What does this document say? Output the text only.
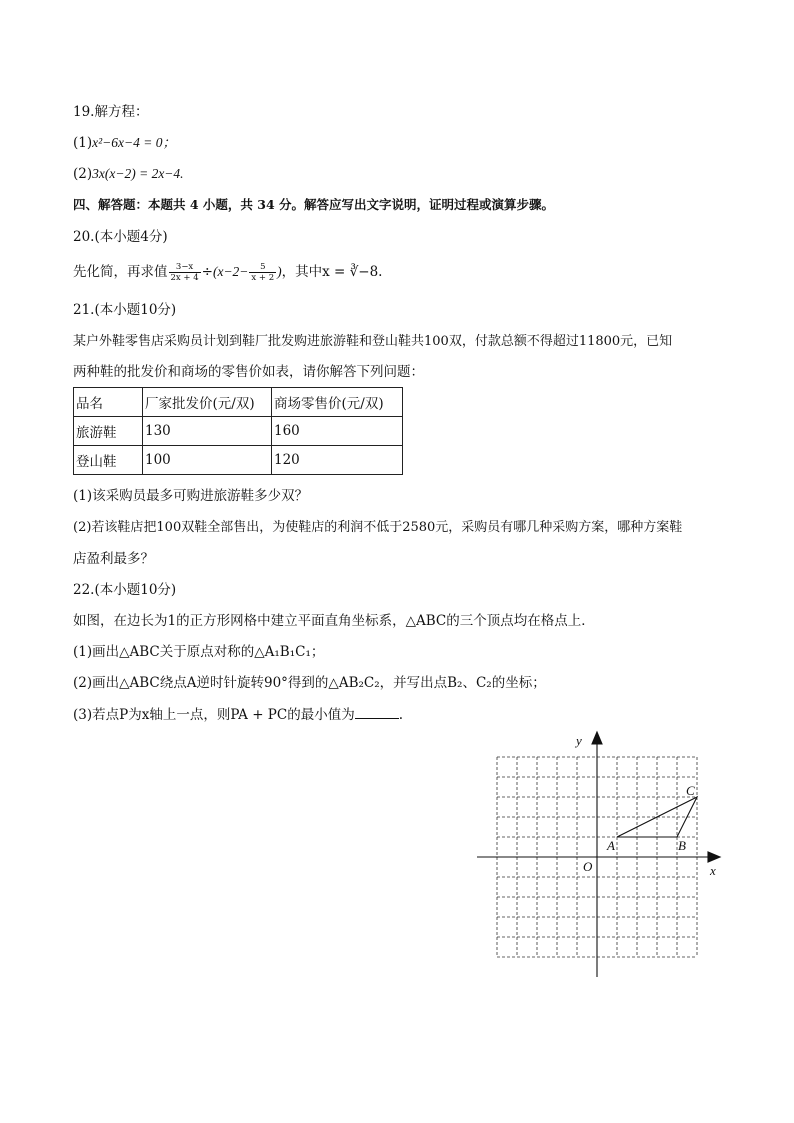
19.解方程：
(1)x²−6x−4 = 0；
(2)3x(x−2) = 2x−4.
四、解答题：本题共 4 小题，共 34 分。解答应写出文字说明，证明过程或演算步骤。
20.(本小题4分)
先化简，再求值 $\frac{3-x}{2x + 4} \div(x-2- \frac{5}{x + 2}$ )，其中x = ∛−8.
21.(本小题10分)
某户外鞋零售店采购员计划到鞋厂批发购进旅游鞋和登山鞋共100双，付款总额不得超过11800元，已知
两种鞋的批发价和商场的零售价如表，请你解答下列问题：
品名	厂家批发价(元/双)	商场零售价(元/双)
旅游鞋	130	160
登山鞋	100	120
(1)该采购员最多可购进旅游鞋多少双？
(2)若该鞋店把100双鞋全部售出，为使鞋店的利润不低于2580元，采购员有哪几种采购方案，哪种方案鞋
店盈利最多？
22.(本小题10分)
如图，在边长为1的正方形网格中建立平面直角坐标系，△ABC的三个顶点均在格点上．
(1)画出△ABC关于原点对称的△A₁B₁C₁；
(2)画出△ABC绕点A逆时针旋转90°得到的△AB₂C₂，并写出点B₂、C₂的坐标；
(3)若点P为x轴上一点，则PA + PC的最小值为	.
x
y
O
A	B
C
